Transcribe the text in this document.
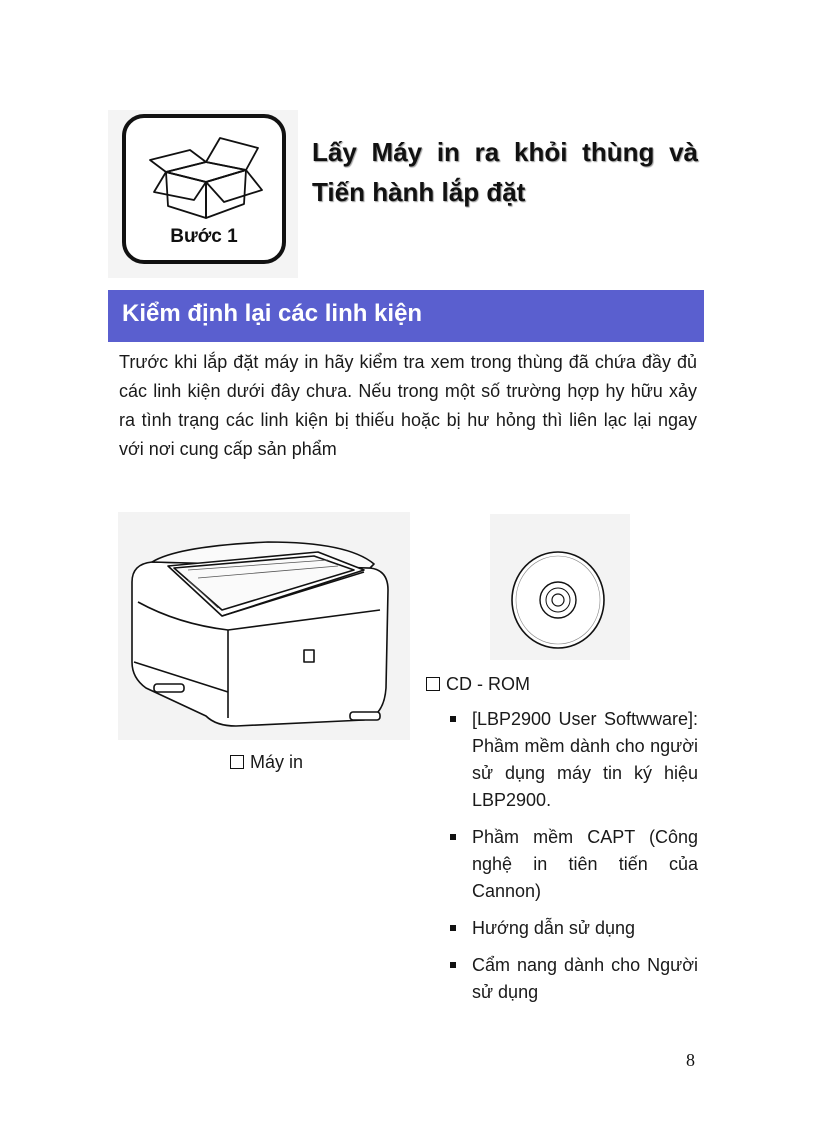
Bước 1
Lấy Máy in ra khỏi thùng và Tiến hành lắp đặt
Kiểm định lại các linh kiện
Trước khi lắp đặt máy in hãy kiểm tra xem trong thùng đã chứa đầy đủ các linh kiện dưới đây chưa. Nếu trong một số trường hợp hy hữu xảy ra tình trạng các linh kiện bị thiếu hoặc bị hư hỏng thì liên lạc lại ngay với nơi cung cấp sản phẩm
Máy in
CD - ROM
[LBP2900 User Softwware]: Phầm mềm dành cho người sử dụng máy tin ký hiệu LBP2900.
Phầm mềm CAPT (Công nghệ in tiên tiến của Cannon)
Hướng dẫn sử dụng
Cẩm nang dành cho Người sử dụng
8
